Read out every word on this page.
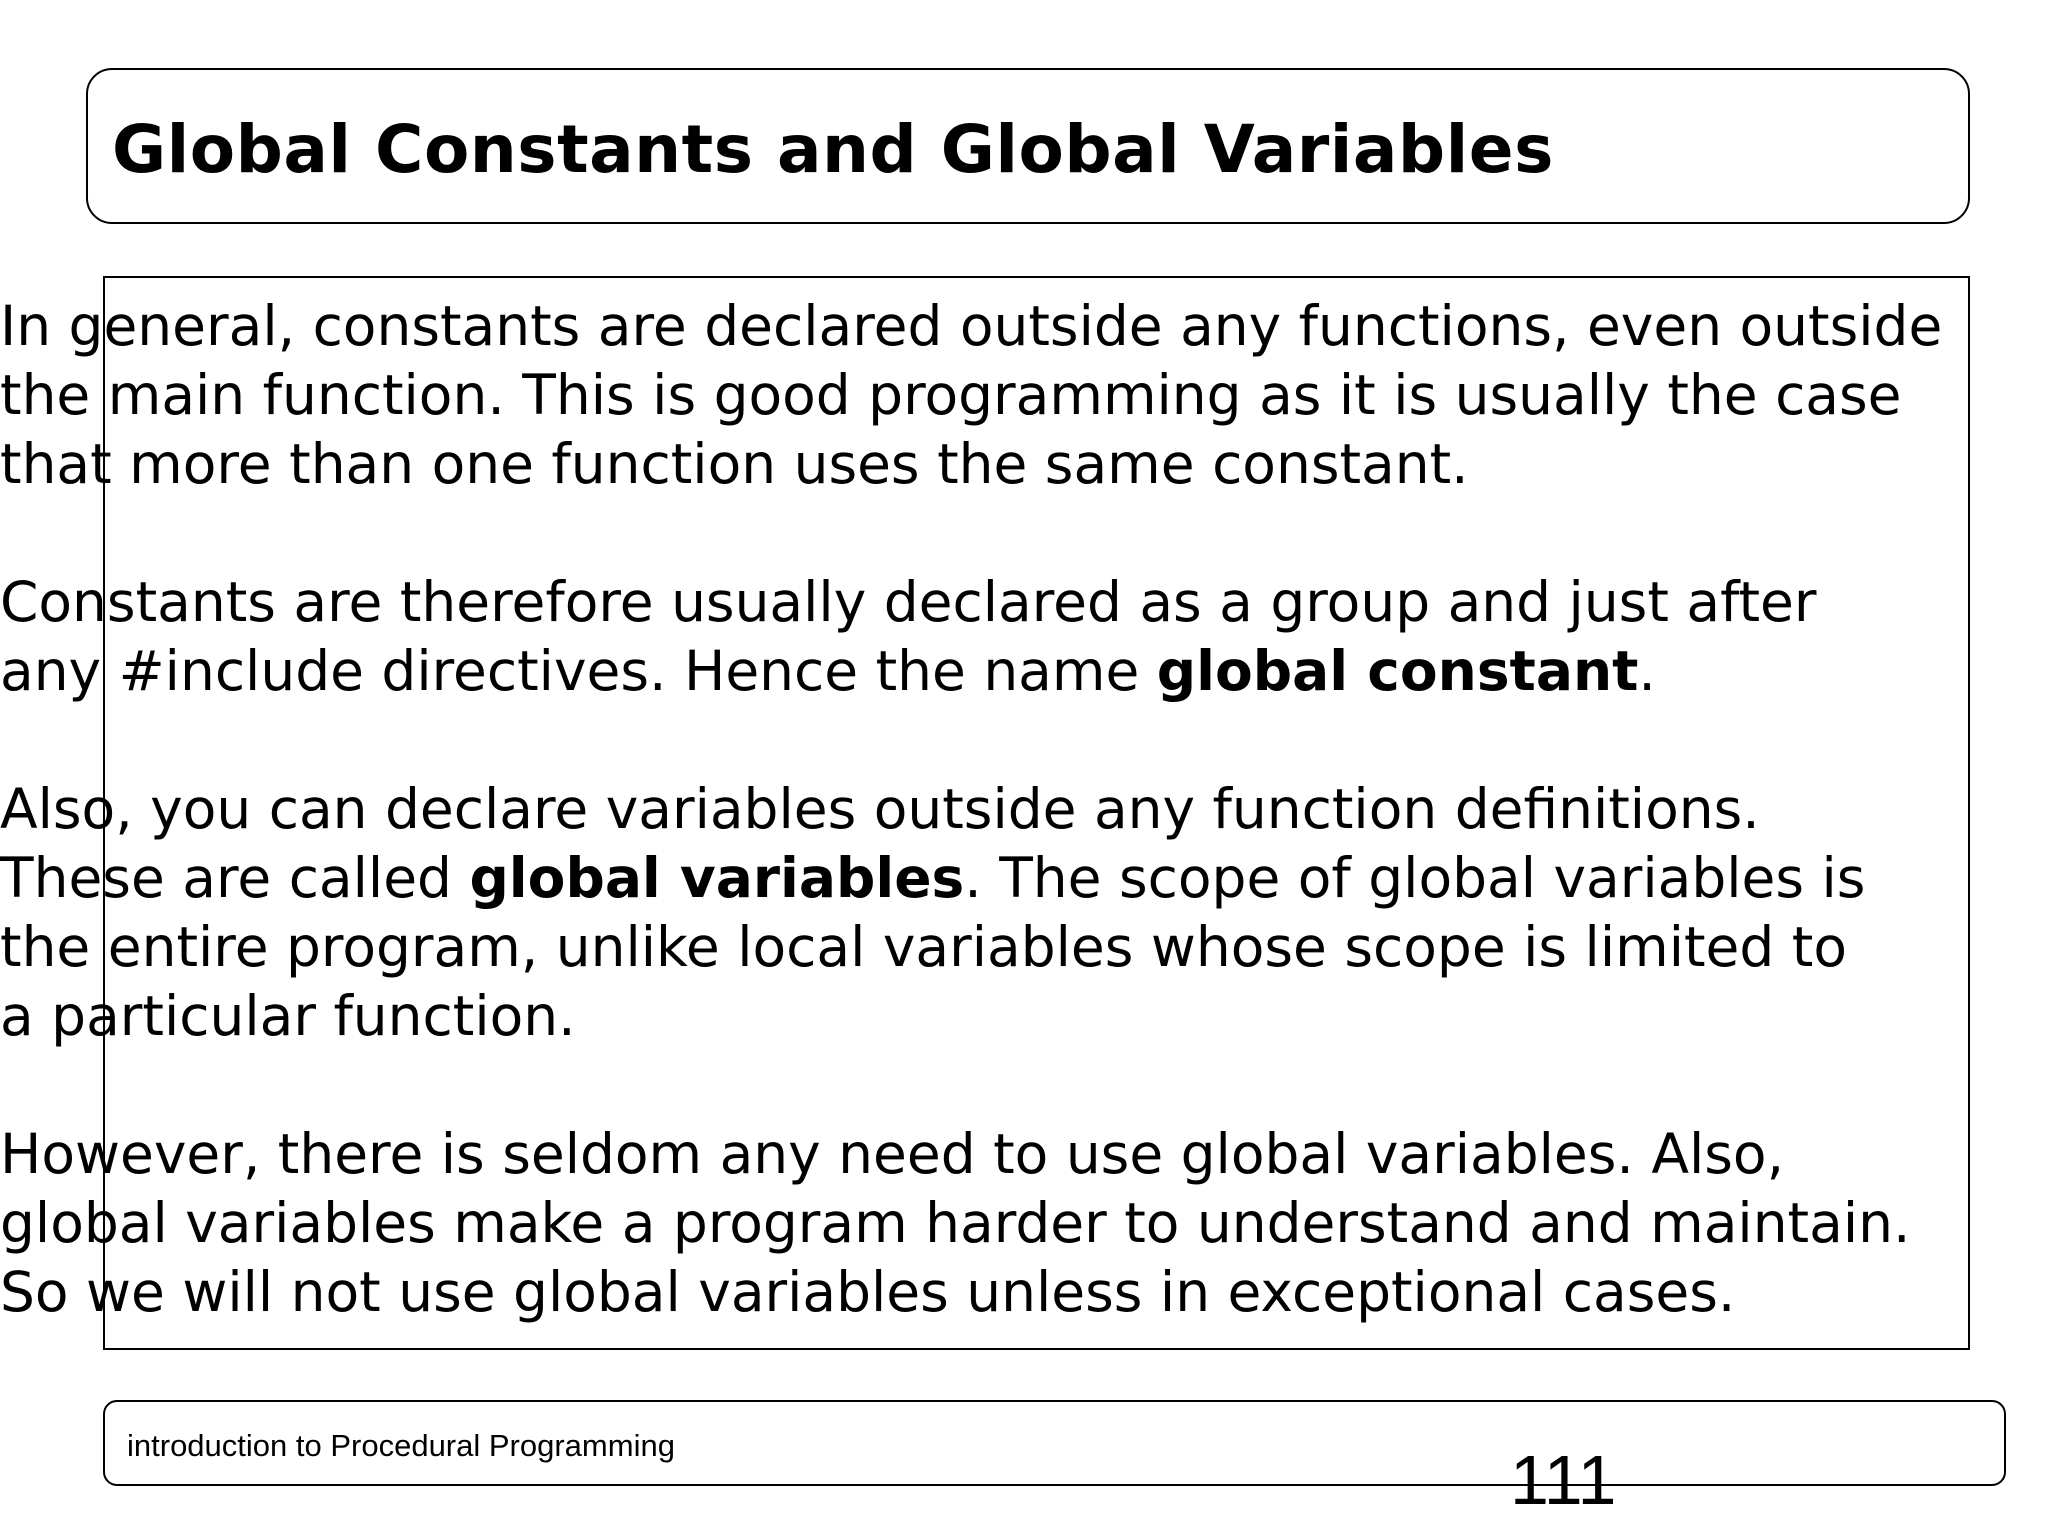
Global Constants and Global Variables
In general, constants are declared outside any functions, even outside
the main function. This is good programming as it is usually the case
that more than one function uses the same constant.
Constants are therefore usually declared as a group and just after
any #include directives. Hence the name global constant.
Also, you can declare variables outside any function definitions.
These are called global variables. The scope of global variables is
the entire program, unlike local variables whose scope is limited to
a particular function.
However, there is seldom any need to use global variables. Also,
global variables make a program harder to understand and maintain.
So we will not use global variables unless in exceptional cases.
introduction to Procedural Programming	111
